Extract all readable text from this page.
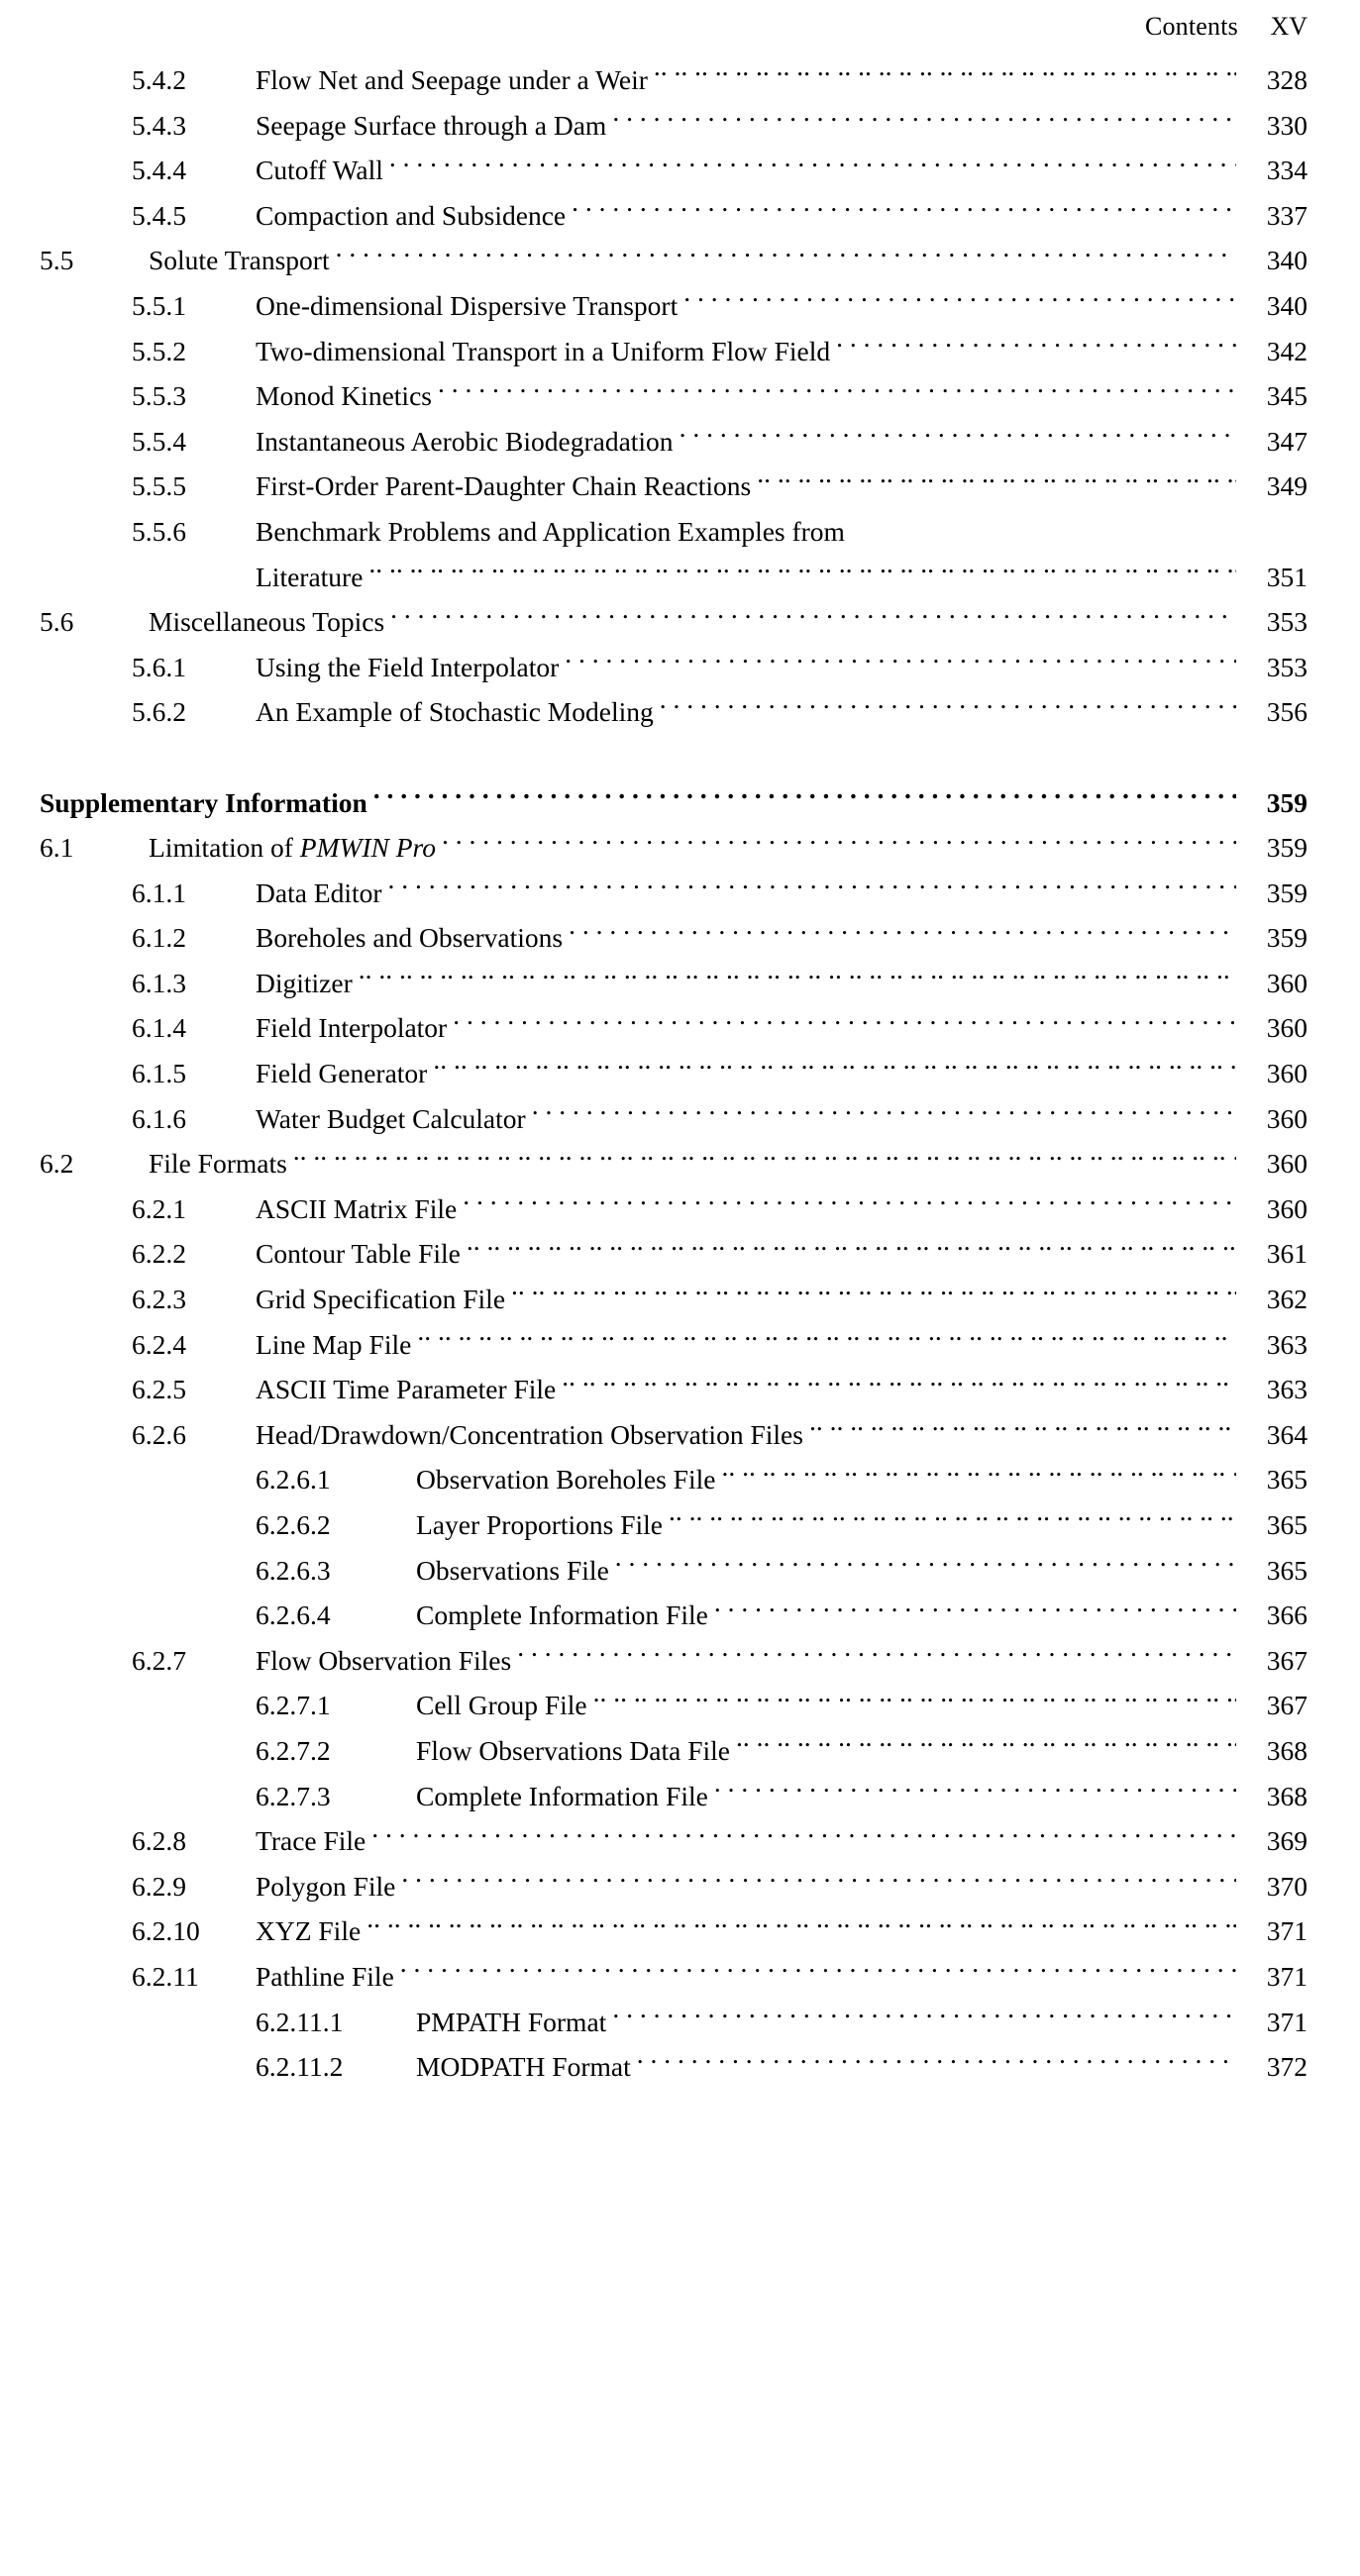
Contents	XV
5.4.2	Flow Net and Seepage under a Weir .. ..	328
5.4.3	Seepage Surface through a Dam . . .	330
5.4.4	Cutoff Wall . . .	334
5.4.5	Compaction and Subsidence . . .	337
5.5	Solute Transport . . .	340
5.5.1	One-dimensional Dispersive Transport . . .	340
5.5.2	Two-dimensional Transport in a Uniform Flow Field . . .	342
5.5.3	Monod Kinetics . . .	345
5.5.4	Instantaneous Aerobic Biodegradation . . .	347
5.5.5	First-Order Parent-Daughter Chain Reactions .. ..	349
5.5.6	Benchmark Problems and Application Examples from
Literature .. ..	351
5.6	Miscellaneous Topics . . .	353
5.6.1	Using the Field Interpolator . . .	353
5.6.2	An Example of Stochastic Modeling . . .	356
Supplementary Information . . .	359
6.1	Limitation of PMWIN Pro . . .	359
6.1.1	Data Editor . . .	359
6.1.2	Boreholes and Observations . . .	359
6.1.3	Digitizer .. ..	360
6.1.4	Field Interpolator . . .	360
6.1.5	Field Generator .. ..	360
6.1.6	Water Budget Calculator . . .	360
6.2	File Formats .. ..	360
6.2.1	ASCII Matrix File . . .	360
6.2.2	Contour Table File .. ..	361
6.2.3	Grid Specification File .. ..	362
6.2.4	Line Map File .. ..	363
6.2.5	ASCII Time Parameter File .. ..	363
6.2.6	Head/Drawdown/Concentration Observation Files .. ..	364
6.2.6.1	Observation Boreholes File .. ..	365
6.2.6.2	Layer Proportions File .. ..	365
6.2.6.3	Observations File . . .	365
6.2.6.4	Complete Information File . . .	366
6.2.7	Flow Observation Files . . .	367
6.2.7.1	Cell Group File .. ..	367
6.2.7.2	Flow Observations Data File .. ..	368
6.2.7.3	Complete Information File . . .	368
6.2.8	Trace File . . .	369
6.2.9	Polygon File . . .	370
6.2.10	XYZ File .. ..	371
6.2.11	Pathline File . . .	371
6.2.11.1	PMPATH Format . . .	371
6.2.11.2	MODPATH Format . . .	372
